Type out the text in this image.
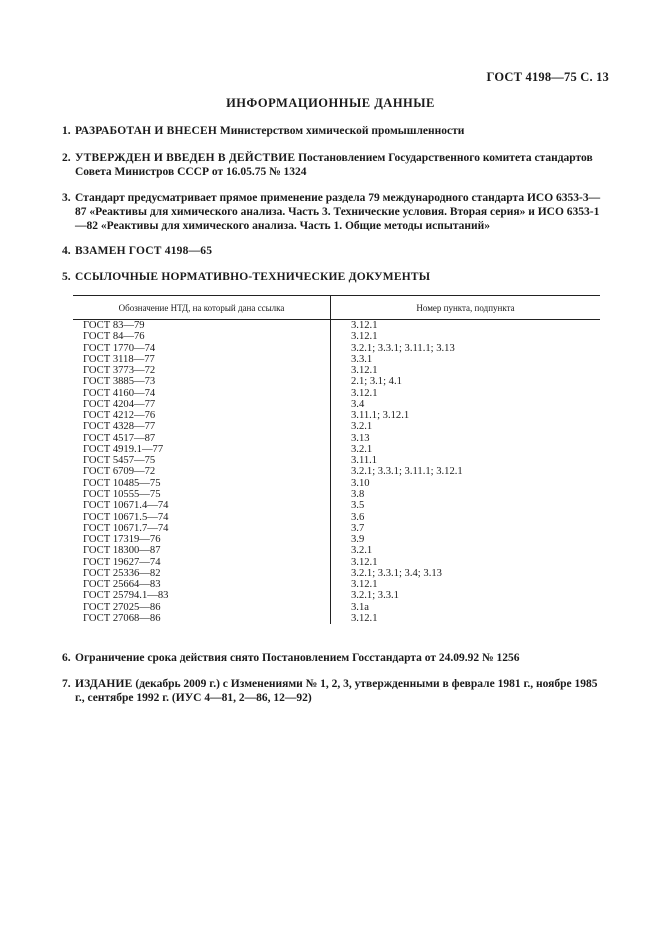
ГОСТ 4198—75 С. 13
ИНФОРМАЦИОННЫЕ ДАННЫЕ
1. РАЗРАБОТАН И ВНЕСЕН Министерством химической промышленности
2. УТВЕРЖДЕН И ВВЕДЕН В ДЕЙСТВИЕ Постановлением Государственного комитета стандартов Совета Министров СССР от 16.05.75 № 1324
3. Стандарт предусматривает прямое применение раздела 79 международного стандарта ИСО 6353-3—87 «Реактивы для химического анализа. Часть 3. Технические условия. Вторая серия» и ИСО 6353-1—82 «Реактивы для химического анализа. Часть 1. Общие методы испытаний»
4. ВЗАМЕН ГОСТ 4198—65
5. ССЫЛОЧНЫЕ НОРМАТИВНО-ТЕХНИЧЕСКИЕ ДОКУМЕНТЫ
Обозначение НТД, на который дана ссылка	Номер пункта, подпункта
ГОСТ 83—79	3.12.1
ГОСТ 84—76	3.12.1
ГОСТ 1770—74	3.2.1; 3.3.1; 3.11.1; 3.13
ГОСТ 3118—77	3.3.1
ГОСТ 3773—72	3.12.1
ГОСТ 3885—73	2.1; 3.1; 4.1
ГОСТ 4160—74	3.12.1
ГОСТ 4204—77	3.4
ГОСТ 4212—76	3.11.1; 3.12.1
ГОСТ 4328—77	3.2.1
ГОСТ 4517—87	3.13
ГОСТ 4919.1—77	3.2.1
ГОСТ 5457—75	3.11.1
ГОСТ 6709—72	3.2.1; 3.3.1; 3.11.1; 3.12.1
ГОСТ 10485—75	3.10
ГОСТ 10555—75	3.8
ГОСТ 10671.4—74	3.5
ГОСТ 10671.5—74	3.6
ГОСТ 10671.7—74	3.7
ГОСТ 17319—76	3.9
ГОСТ 18300—87	3.2.1
ГОСТ 19627—74	3.12.1
ГОСТ 25336—82	3.2.1; 3.3.1; 3.4; 3.13
ГОСТ 25664—83	3.12.1
ГОСТ 25794.1—83	3.2.1; 3.3.1
ГОСТ 27025—86	3.1а
ГОСТ 27068—86	3.12.1
6. Ограничение срока действия снято Постановлением Госстандарта от 24.09.92 № 1256
7. ИЗДАНИЕ (декабрь 2009 г.) с Изменениями № 1, 2, 3, утвержденными в феврале 1981 г., ноябре 1985 г., сентябре 1992 г. (ИУС 4—81, 2—86, 12—92)
